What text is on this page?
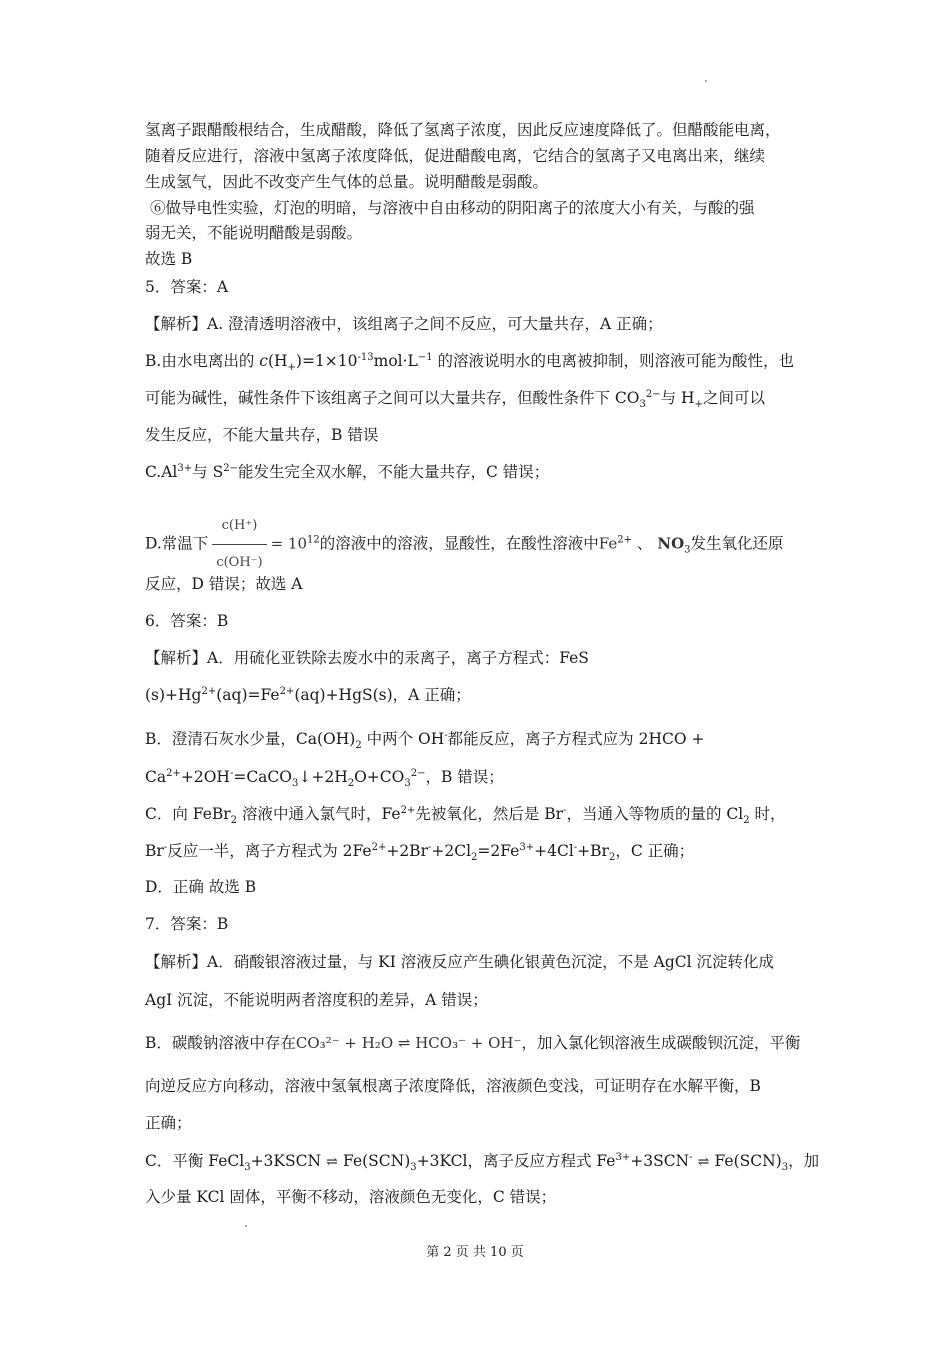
氢离子跟醋酸根结合，生成醋酸，降低了氢离子浓度，因此反应速度降低了。但醋酸能电离，
随着反应进行，溶液中氢离子浓度降低，促进醋酸电离，它结合的氢离子又电离出来，继续
生成氢气，因此不改变产生气体的总量。说明醋酸是弱酸。
⑥做导电性实验，灯泡的明暗，与溶液中自由移动的阴阳离子的浓度大小有关，与酸的强
弱无关，不能说明醋酸是弱酸。
故选 B
5．答案：A
【解析】A. 澄清透明溶液中，该组离子之间不反应，可大量共存，A 正确；
B.由水电离出的 $c(H_+)=1\times 10^{-13}mol\cdot L^{-1}$ 的溶液说明水的电离被抑制，则溶液可能为酸性，也
可能为碱性，碱性条件下该组离子之间可以大量共存，但酸性条件下 $CO_3^{2-}$与 $H_+$之间可以
发生反应，不能大量共存，B 错误
$C.Al^{3+}$与 $S^{2-}$能发生完全双水解，不能大量共存，C 错误；
D.常温下 $\frac{c(H^+)}{c(OH^-)} = 10^{12}$的溶液中的溶液，显酸性，在酸性溶液中$Fe^{2+}$ 、 $NO_3$发生氧化还原
反应，D 错误；故选 A
6．答案：B
【解析】A．用硫化亚铁除去废水中的汞离子，离子方程式：FeS
$(s)+Hg^{2+}(aq)=Fe^{2+}(aq)+HgS(s)$，A 正确；
B．澄清石灰水少量，$Ca(OH)_2$ 中两个 OH-都能反应，离子方程式应为 2HCO +
$Ca^{2+}+2OH^-=CaCO_3↓+2H_2O+CO_3^{2-}$，B 错误；
C．向 FeBr$_2$ 溶液中通入氯气时，$Fe^{2+}$先被氧化，然后是 Br-，当通入等物质的量的 $Cl_2$ 时，
Br-反应一半，离子方程式为 $2Fe^{2+}+2Br^-+2Cl_2=2Fe^{3+}+4Cl^-+Br_2$，C 正确；
D．正确 故选 B
7．答案：B
【解析】A．硝酸银溶液过量，与 KI 溶液反应产生碘化银黄色沉淀，不是 AgCl 沉淀转化成
AgI 沉淀，不能说明两者溶度积的差异，A 错误；
B．碳酸钠溶液中存在CO₃²⁻ + H₂O ⇌ HCO₃⁻ + OH⁻，加入氯化钡溶液生成碳酸钡沉淀，平衡
向逆反应方向移动，溶液中氢氧根离子浓度降低，溶液颜色变浅，可证明存在水解平衡，B
正确；
C．平衡 FeCl$_3$+3KSCN ⇌ $Fe(SCN)_3+3KCl$，离子反应方程式 $Fe^{3+}+3SCN^-$ ⇌ $Fe(SCN)_3$，加
入少量 KCl 固体，平衡不移动，溶液颜色无变化，C 错误；
第 2 页 共 10 页
